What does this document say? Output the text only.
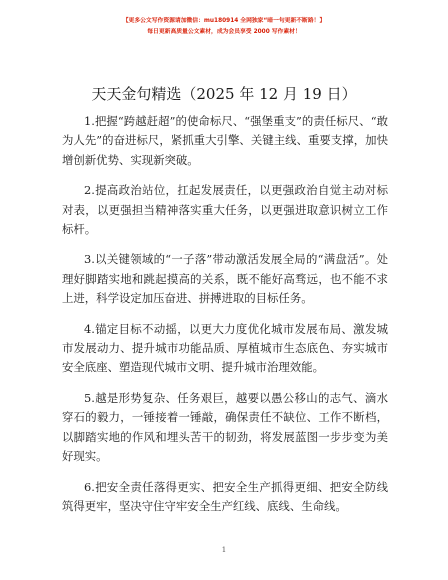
【更多公文写作资源请加微信：mu180914 全网独家“暗一句更新不断路！】
每日更新高质量公文素材，成为会员享受 2000 写作素材！
天天金句精选（2025 年 12 月 19 日）

1.把握“跨越赶超”的使命标尺、“强堡重支”的责任标尺、“敢为人先”的奋进标尺，紧抓重大引擎、关键主线、重要支撑，加快增创新优势、实现新突破。

2.提高政治站位，扛起发展责任，以更强政治自觉主动对标对表，以更强担当精神落实重大任务，以更强进取意识树立工作标杆。

3.以关键领域的“一子落”带动激活发展全局的“满盘活”。处理好脚踏实地和跳起摸高的关系，既不能好高骛远，也不能不求上进，科学设定加压奋进、拼搏进取的目标任务。

4.锚定目标不动摇，以更大力度优化城市发展布局、激发城市发展动力、提升城市功能品质、厚植城市生态底色、夯实城市安全底座、塑造现代城市文明、提升城市治理效能。

5.越是形势复杂、任务艰巨，越要以愚公移山的志气、滴水穿石的毅力，一锤接着一锤敲，确保责任不缺位、工作不断档，以脚踏实地的作风和埋头苦干的韧劲，将发展蓝图一步步变为美好现实。

6.把安全责任落得更实、把安全生产抓得更细、把安全防线筑得更牢，坚决守住守牢安全生产红线、底线、生命线。

1
